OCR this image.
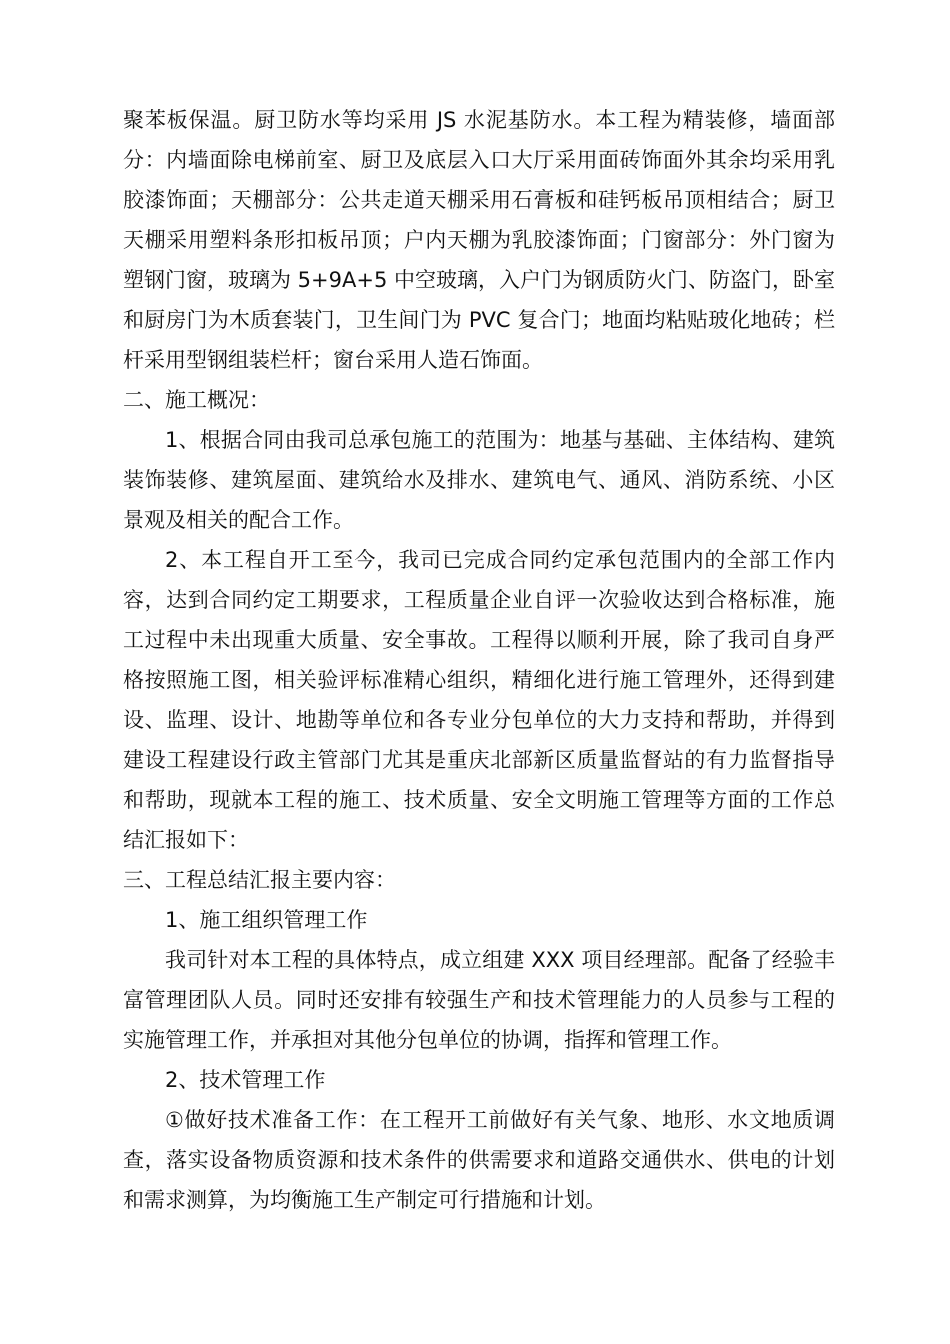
聚苯板保温。厨卫防水等均采用 JS 水泥基防水。本工程为精装修，墙面部分：内墙面除电梯前室、厨卫及底层入口大厅采用面砖饰面外其余均采用乳胶漆饰面；天棚部分：公共走道天棚采用石膏板和硅钙板吊顶相结合；厨卫天棚采用塑料条形扣板吊顶；户内天棚为乳胶漆饰面；门窗部分：外门窗为塑钢门窗，玻璃为 5+9A+5 中空玻璃，入户门为钢质防火门、防盗门，卧室和厨房门为木质套装门，卫生间门为 PVC 复合门；地面均粘贴玻化地砖；栏杆采用型钢组装栏杆；窗台采用人造石饰面。

二、施工概况：

1、根据合同由我司总承包施工的范围为：地基与基础、主体结构、建筑装饰装修、建筑屋面、建筑给水及排水、建筑电气、通风、消防系统、小区景观及相关的配合工作。

2、本工程自开工至今，我司已完成合同约定承包范围内的全部工作内容，达到合同约定工期要求，工程质量企业自评一次验收达到合格标准，施工过程中未出现重大质量、安全事故。工程得以顺利开展，除了我司自身严格按照施工图，相关验评标准精心组织，精细化进行施工管理外，还得到建设、监理、设计、地勘等单位和各专业分包单位的大力支持和帮助，并得到建设工程建设行政主管部门尤其是重庆北部新区质量监督站的有力监督指导和帮助，现就本工程的施工、技术质量、安全文明施工管理等方面的工作总结汇报如下：

三、工程总结汇报主要内容：

1、施工组织管理工作

我司针对本工程的具体特点，成立组建 XXX 项目经理部。配备了经验丰富管理团队人员。同时还安排有较强生产和技术管理能力的人员参与工程的实施管理工作，并承担对其他分包单位的协调，指挥和管理工作。

2、技术管理工作

①做好技术准备工作：在工程开工前做好有关气象、地形、水文地质调查，落实设备物质资源和技术条件的供需要求和道路交通供水、供电的计划和需求测算，为均衡施工生产制定可行措施和计划。
